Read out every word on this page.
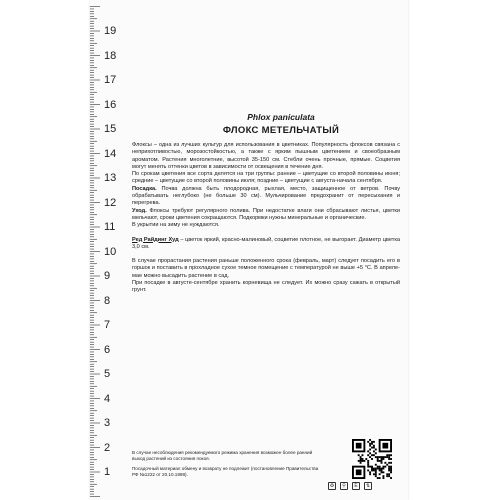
19
18
17
16
15
14
13
12
11
10
9
8
7
6
5
4
3
2
1

Phlox paniculata

ФЛОКС МЕТЕЛЬЧАТЫЙ

Флоксы – одна из лучших культур для использования в цветниках. Популярность флоксов связана с неприхотливостью, морозостойкостью, а также с ярким пышным цветением и своеобразным ароматом. Растения многолетние, высотой 35-150 см. Стебли очень прочные, прямые. Соцветия могут менять оттенки цветов в зависимости от освещения в течение дня.

По срокам цветения все сорта делятся на три группы: ранние – цветущие со второй половины июня; средние – цветущие со второй половины июля; поздние – цветущие с августа-начала сентября.

Посадка. Почва должна быть плодородная, рыхлая, место, защищенное от ветров. Почву обрабатывать неглубоко (не больше 30 см). Мульчирование предохранит от пересыхания и перегрева.

Уход. Флоксы требуют регулярного полива. При недостатке влаги они сбрасывают листья, цветки мельчают, сроки цветения сокращаются. Подкормки нужны минеральные и органические.

В укрытии на зиму не нуждаются.

Ред Райдинг Худ – цветок яркий, красно-малиновый, соцветие плотное, не выгорает. Диаметр цветка 3,0 см.

В случае прорастания растения раньше положенного срока (февраль, март) следует посадить его в горшок и поставить в прохладное сухое темное помещение с температурой не выше +5 °С. В апреле-мае можно высадить растение в сад.

При посадке в августе-сентябре хранить корневища не следует. Их можно сразу сажать в открытый грунт.

В случае несоблюдения рекомендуемого режима хранения возможен более ранний выход растений из состояния покоя.

Посадочный материал обмену и возврату не подлежит (постановление Правительства РФ №1222 от 20.10.1998).

♻	⚲	Е	⇅
